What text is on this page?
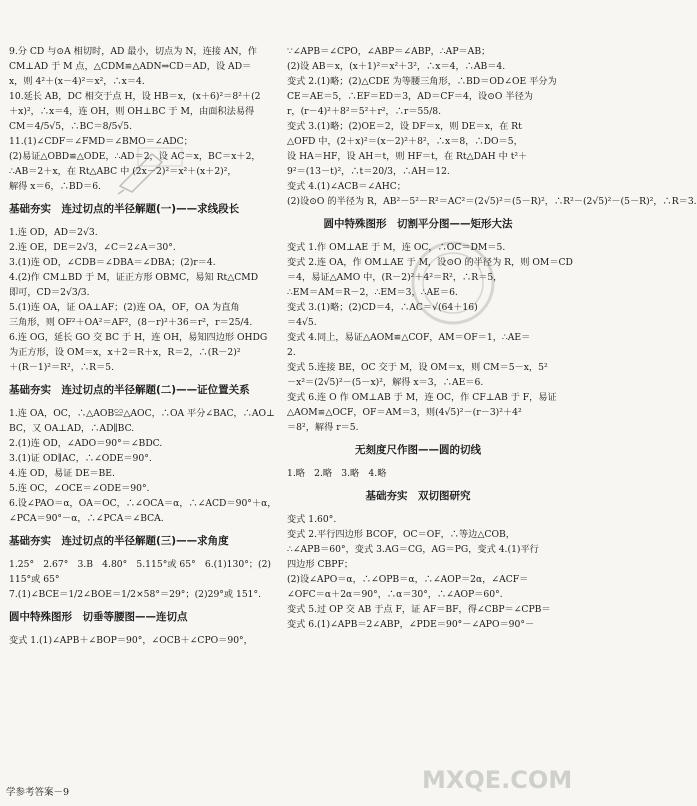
9.分 CD 与⊙A 相切时，AD 最小，切点为 N，连接 AN，作
CM⊥AD 于 M 点，△CDM≌△ADN⇒CD＝AD，设 AD＝
x，则 4²＋(x－4)²＝x²，∴x＝4.
10.延长 AB，DC 相交于点 H，设 HB＝x，(x＋6)²＝8²＋(2
＋x)²，∴x＝4，连 OH，则 OH⊥BC 于 M，由面积法易得
CM＝4/5√5，∴BC＝8/5√5.
11.(1)∠CDF＝∠FMD＝∠BMO＝∠ADC；
(2)易证△OBD≌△ODE，∴AD＝2，设 AC＝x，BC＝x＋2，
∴AB＝2＋x，在 Rt△ABC 中 (2x－2)²＝x²＋(x＋2)²，
解得 x＝6，∴BD＝6.
基础夯实　连过切点的半径解题(一)——求线段长
1.连 OD，AD＝2√3.
2.连 OE，DE＝2√3，∠C＝2∠A＝30°.
3.(1)连 OD，∠CDB＝∠DBA＝∠DBA；(2)r＝4.
4.(2)作 CM⊥BD 于 M，证正方形 OBMC，易知 Rt△CMD
即可，CD＝2√3/3.
5.(1)连 OA，证 OA⊥AF；(2)连 OA，OF，OA 为直角
三角形，则 OF²＋OA²＝AF²，(8－r)²＋36＝r²，r＝25/4.
6.连 OG，延长 GO 交 BC 于 H，连 OH，易知四边形 OHDG
为正方形，设 OM＝x，x＋2＝R＋x，R＝2，∴(R－2)²
＋(R－1)²＝R²，∴R＝5.
基础夯实　连过切点的半径解题(二)——证位置关系
1.连 OA，OC，∴△AOB≌△AOC，∴OA 平分∠BAC，∴AO⊥
BC，又 OA⊥AD，∴AD∥BC.
2.(1)连 OD，∠ADO＝90°＝∠BDC.
3.(1)证 OD∥AC，∴∠ODE＝90°.
4.连 OD，易证 DE＝BE.
5.连 OC，∠OCE＝∠ODE＝90°.
6.设∠PAO＝α，OA＝OC，∴∠OCA＝α，∴∠ACD＝90°＋α，
∠PCA＝90°－α，∴∠PCA＝∠BCA.
基础夯实　连过切点的半径解题(三)——求角度
1.25°　2.67°　3.B　4.80°　5.115°或 65°　6.(1)130°；(2)
115°或 65°
7.(1)∠BCE＝1/2∠BOE＝1/2×58°＝29°；(2)29°或 151°.
圆中特殊图形　切垂等腰图——连切点
变式 1.(1)∠APB＋∠BOP＝90°，∠OCB＋∠CPO＝90°，
∵∠APB＝∠CPO，∠ABP＝∠ABP，∴AP＝AB；
(2)设 AB＝x，(x＋1)²＝x²＋3²，∴x＝4，∴AB＝4.
变式 2.(1)略；(2)△CDE 为等腰三角形，∴BD＝OD∠OE 平分为
CE＝AE＝5，∴EF＝ED＝3，AD＝CF＝4，设⊙O 半径为
r，(r－4)²＋8²＝5²＋r²，∴r＝55/8.
变式 3.(1)略；(2)OE＝2，设 DF＝x，则 DE＝x，在 Rt
△OFD 中，(2＋x)²＝(x－2)²＋8²，∴x＝8，∴DO＝5，
设 HA＝HF，设 AH＝t，则 HF＝t，在 Rt△DAH 中 t²＋
9²＝(13－t)²，∴t＝20/3，∴AH＝12.
变式 4.(1)∠ACB＝∠AHC；
(2)设⊙O 的半径为 R，AB²－5²－R²＝AC²＝(2√5)²＝(5－R)²，∴R²－(2√5)²－(5－R)²，∴R＝3.
圆中特殊图形　切割平分图——矩形大法
变式 1.作 OM⊥AE 于 M，连 OC，∴OC＝DM＝5.
变式 2.连 OA，作 OM⊥AE 于 M，设⊙O 的半径为 R，则 OM＝CD
＝4，易证△AMO 中，(R－2)²＋4²＝R²，∴R＝5，
∴EM＝AM＝R－2，∴EM＝3，∴AE＝6.
变式 3.(1)略；(2)CD＝4，∴AC＝√(64＋16)
＝4√5.
变式 4.同上，易证△AOM≌△COF，AM＝OF＝1，∴AE＝
2.
变式 5.连接 BE，OC 交于 M，设 OM＝x，则 CM＝5－x，5²
－x²＝(2√5)²－(5－x)²，解得 x＝3，∴AE＝6.
变式 6.连 O 作 OM⊥AB 于 M，连 OC，作 CF⊥AB 于 F，易证
△AOM≌△OCF，OF＝AM＝3，则(4√5)²－(r－3)²＋4²
＝8²，解得 r＝5.
无刻度尺作图——圆的切线
1.略　2.略　3.略　4.略
基础夯实　双切图研究
变式 1.60°.
变式 2.平行四边形 BCOF，OC＝OF，∴等边△COB，
∴∠APB＝60°，变式 3.AG＝CG，AG＝PG，变式 4.(1)平行
四边形 CBPF；
(2)设∠APO＝α，∴∠OPB＝α，∴∠AOP＝2α，∠ACF＝
∠OFC＝α＋2α＝90°，∴α＝30°，∴∠AOP＝60°.
变式 5.过 OP 交 AB 于点 F，证 AF＝BF，得∠CBP＝∠CPB＝
变式 6.(1)∠APB＝2∠ABP，∠PDE＝90°－∠APO＝90°－
学参考答案－9	MXQE.COM
